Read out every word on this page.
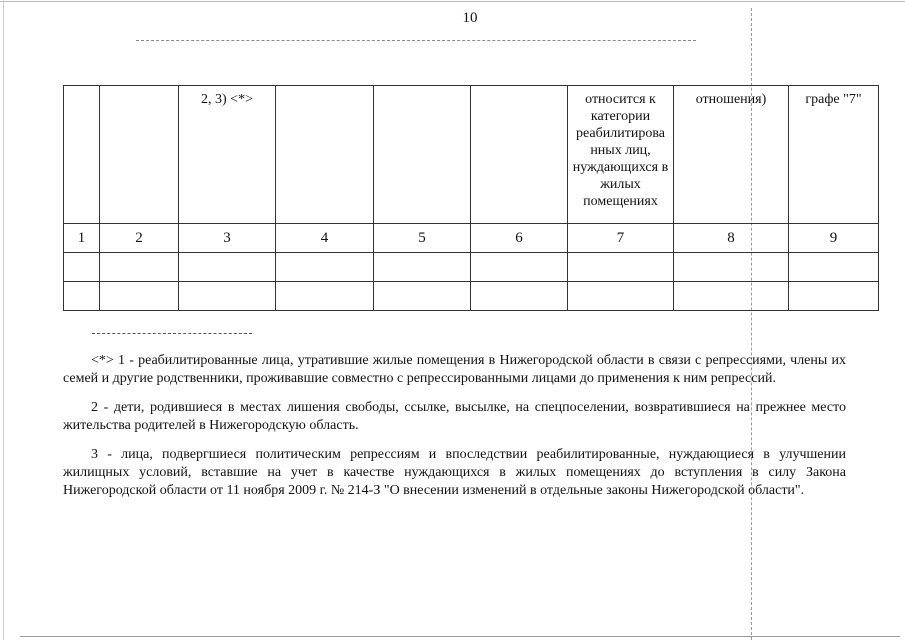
10
		2, 3) <*>				относится к категории реабилитирова нных лиц, нуждающихся в жилых помещениях	отношения)	графе "7"
1	2	3	4	5	6	7	8	9

<*> 1 - реабилитированные лица, утратившие жилые помещения в Нижегородской области в связи с репрессиями, члены их семей и другие родственники, проживавшие совместно с репрессированными лицами до применения к ним репрессий.

2 - дети, родившиеся в местах лишения свободы, ссылке, высылке, на спецпоселении, возвратившиеся на прежнее место жительства родителей в Нижегородскую область.

3 - лица, подвергшиеся политическим репрессиям и впоследствии реабилитированные, нуждающиеся в улучшении жилищных условий, вставшие на учет в качестве нуждающихся в жилых помещениях до вступления в силу Закона Нижегородской области от 11 ноября 2009 г. № 214-З "О внесении изменений в отдельные законы Нижегородской области".
